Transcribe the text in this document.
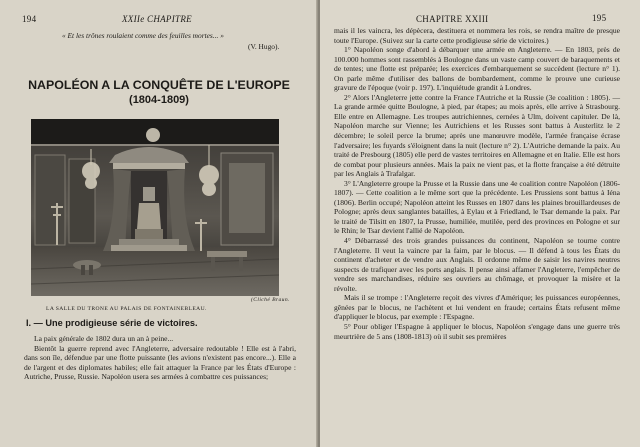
194	XXIIe CHAPITRE
« Et les trônes roulaient comme des feuilles mortes... »
(V. Hugo).
NAPOLÉON A LA CONQUÊTE DE L'EUROPE
(1804-1809)
(Cliché Braun.
LA SALLE DU TRONE AU PALAIS DE FONTAINEBLEAU.
I. — Une prodigieuse série de victoires.

La paix générale de 1802 dura un an à peine...

Bientôt la guerre reprend avec l'Angleterre, adversaire redoutable ! Elle est à l'abri, dans son île, défendue par une flotte puissante (les avions n'existent pas encore...). Elle a de l'argent et des diplomates habiles; elle fait attaquer la France par les États d'Europe : Autriche, Prusse, Russie. Napoléon usera ses armées à combattre ces puissances;

CHAPITRE XXIII	195

mais il les vaincra, les dépècera, destituera et nommera les rois, se rendra maître de presque toute l'Europe. (Suivez sur la carte cette prodigieuse série de victoires.)

1° Napoléon songe d'abord à débarquer une armée en Angleterre. — En 1803, près de 100.000 hommes sont rassemblés à Boulogne dans un vaste camp couvert de baraquements et de tentes; une flotte est préparée; les exercices d'embarquement se succèdent (lecture n° 1). On parle même d'utiliser des ballons de bombardement, comme le prouve une curieuse gravure de l'époque (voir p. 197). L'inquiétude grandit à Londres.

2° Alors l'Angleterre jette contre la France l'Autriche et la Russie (3e coalition : 1805). — La grande armée quitte Boulogne, à pied, par étapes; au mois après, elle arrive à Strasbourg. Elle entre en Allemagne. Les troupes autrichiennes, cernées à Ulm, doivent capituler. De là, Napoléon marche sur Vienne; les Autrichiens et les Russes sont battus à Austerlitz le 2 décembre; le soleil perce la brume; après une manœuvre modèle, l'armée française écrase l'adversaire; les fuyards s'éloignent dans la nuit (lecture n° 2). L'Autriche demande la paix. Au traité de Presbourg (1805) elle perd de vastes territoires en Allemagne et en Italie. Elle est hors de combat pour plusieurs années. Mais la paix ne vient pas, et la flotte française a été détruite par les Anglais à Trafalgar.

3° L'Angleterre groupe la Prusse et la Russie dans une 4e coalition contre Napoléon (1806-1807). — Cette coalition a le même sort que la précédente. Les Prussiens sont battus à Iéna (1806). Berlin occupé; Napoléon atteint les Russes en 1807 dans les plaines brouillardeuses de Pologne; après deux sanglantes batailles, à Eylau et à Friedland, le Tsar demande la paix. Par le traité de Tilsitt en 1807, la Prusse, humiliée, mutilée, perd des provinces en Pologne et sur le Rhin; le Tsar devient l'allié de Napoléon.

4° Débarrassé des trois grandes puissances du continent, Napoléon se tourne contre l'Angleterre. Il veut la vaincre par la faim, par le blocus. — Il défend à tous les États du continent d'acheter et de vendre aux Anglais. Il ordonne même de saisir les navires neutres suspects de trafiquer avec les ports anglais. Il pense ainsi affamer l'Angleterre, l'empêcher de vendre ses marchandises, réduire ses ouvriers au chômage, et provoquer la misère et la révolte.

Mais il se trompe : l'Angleterre reçoit des vivres d'Amérique; les puissances européennes, gênées par le blocus, ne l'achètent et lui vendent en fraude; certains États refusent même d'appliquer le blocus, par exemple : l'Espagne.

5° Pour obliger l'Espagne à appliquer le blocus, Napoléon s'engage dans une guerre très meurtrière de 5 ans (1808-1813) où il subit ses premières
